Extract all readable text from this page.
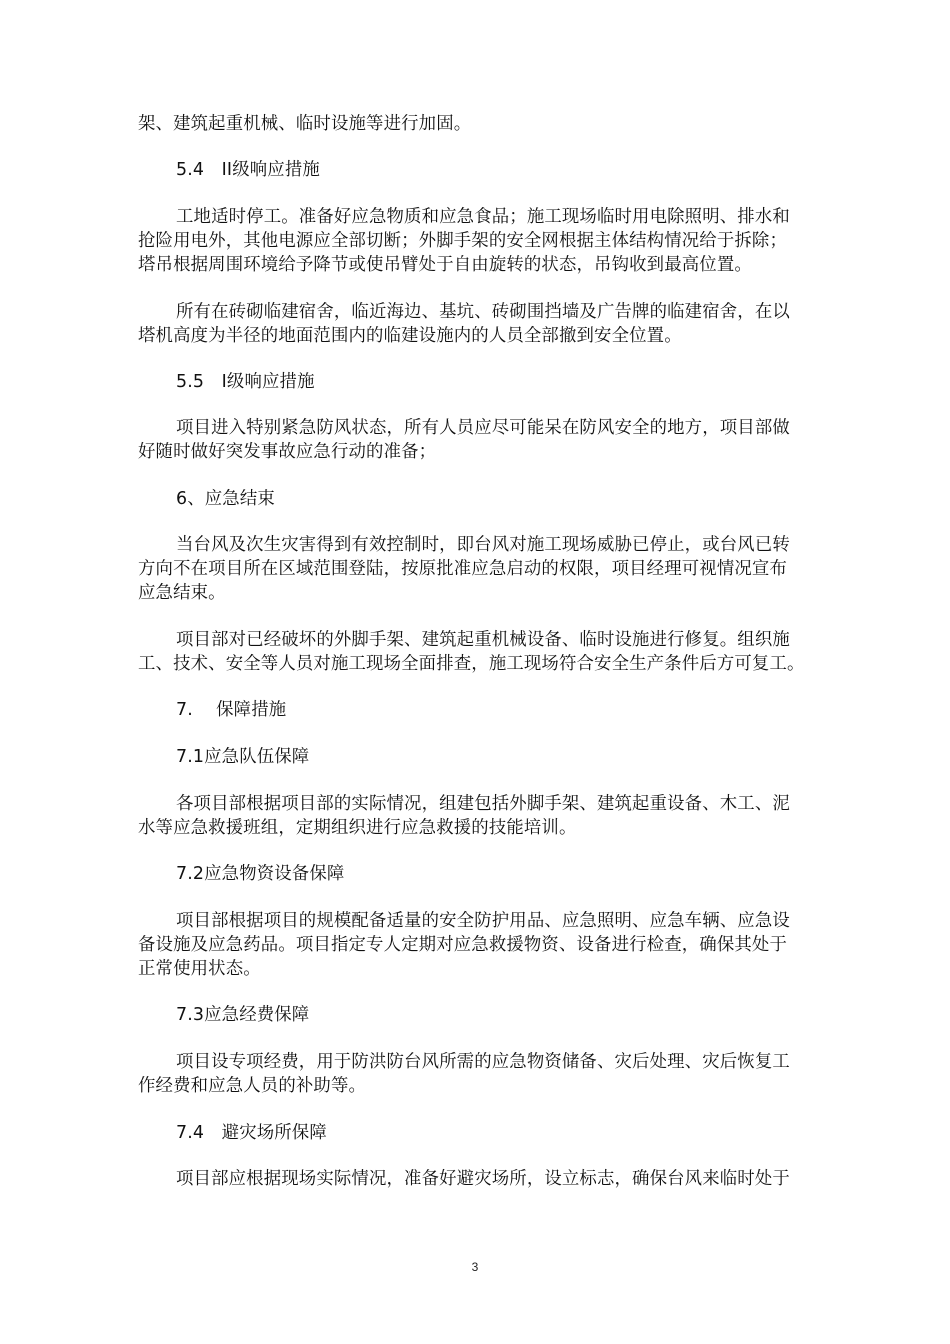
架、建筑起重机械、临时设施等进行加固。
5.4　II级响应措施
工地适时停工。准备好应急物质和应急食品；施工现场临时用电除照明、排水和
抢险用电外，其他电源应全部切断；外脚手架的安全网根据主体结构情况给于拆除；
塔吊根据周围环境给予降节或使吊臂处于自由旋转的状态，吊钩收到最高位置。
所有在砖砌临建宿舍，临近海边、基坑、砖砌围挡墙及广告牌的临建宿舍，在以
塔机高度为半径的地面范围内的临建设施内的人员全部撤到安全位置。
5.5　I级响应措施
项目进入特别紧急防风状态，所有人员应尽可能呆在防风安全的地方，项目部做
好随时做好突发事故应急行动的准备；
6、应急结束
当台风及次生灾害得到有效控制时，即台风对施工现场威胁已停止，或台风已转
方向不在项目所在区域范围登陆，按原批准应急启动的权限，项目经理可视情况宣布
应急结束。
项目部对已经破坏的外脚手架、建筑起重机械设备、临时设施进行修复。组织施
工、技术、安全等人员对施工现场全面排查，施工现场符合安全生产条件后方可复工。
7.　 保障措施
7.1应急队伍保障
各项目部根据项目部的实际情况，组建包括外脚手架、建筑起重设备、木工、泥
水等应急救援班组，定期组织进行应急救援的技能培训。
7.2应急物资设备保障
项目部根据项目的规模配备适量的安全防护用品、应急照明、应急车辆、应急设
备设施及应急药品。项目指定专人定期对应急救援物资、设备进行检查，确保其处于
正常使用状态。
7.3应急经费保障
项目设专项经费，用于防洪防台风所需的应急物资储备、灾后处理、灾后恢复工
作经费和应急人员的补助等。
7.4　避灾场所保障
项目部应根据现场实际情况，准备好避灾场所，设立标志，确保台风来临时处于
3
